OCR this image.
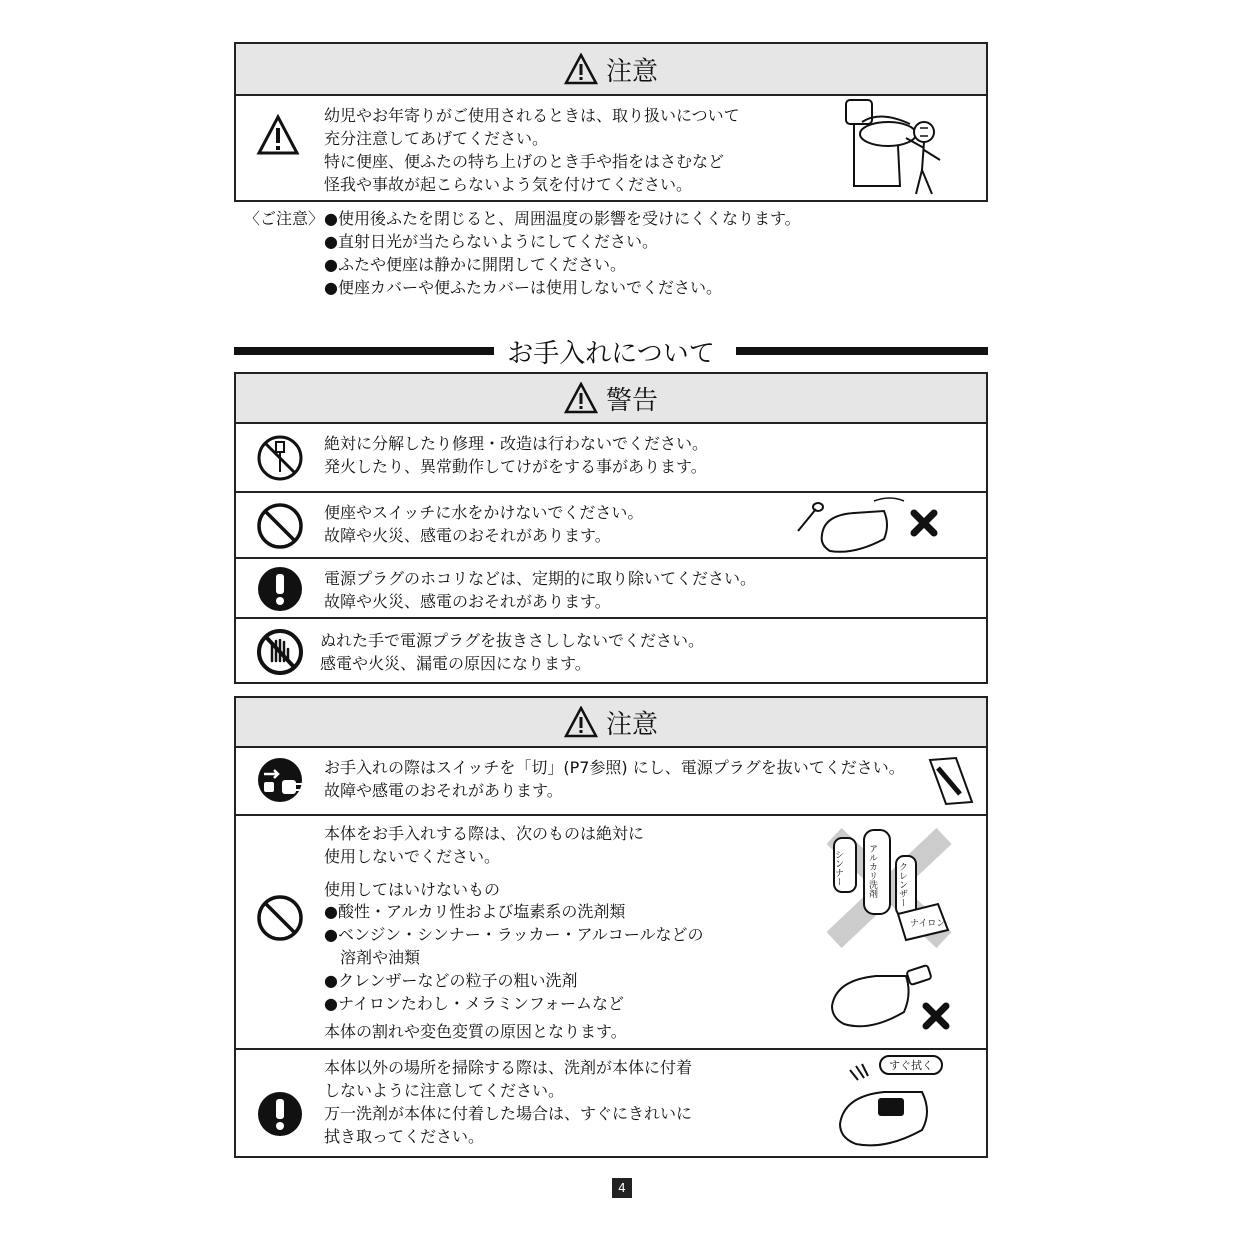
注意
幼児やお年寄りがご使用されるときは、取り扱いについて
充分注意してあげてください。
特に便座、便ふたの特ち上げのとき手や指をはさむなど
怪我や事故が起こらないよう気を付けてください。
〈ご注意〉 ●使用後ふたを閉じると、周囲温度の影響を受けにくくなります。
●直射日光が当たらないようにしてください。
●ふたや便座は静かに開閉してください。
●便座カバーや便ふたカバーは使用しないでください。
お手入れについて
警告
絶対に分解したり修理・改造は行わないでください。
発火したり、異常動作してけがをする事があります。
便座やスイッチに水をかけないでください。
故障や火災、感電のおそれがあります。
電源プラグのホコリなどは、定期的に取り除いてください。
故障や火災、感電のおそれがあります。
ぬれた手で電源プラグを抜きさししないでください。
感電や火災、漏電の原因になります。
注意
お手入れの際はスイッチを「切」(P7参照) にし、電源プラグを抜いてください。
故障や感電のおそれがあります。
本体をお手入れする際は、次のものは絶対に
使用しないでください。
使用してはいけないもの
●酸性・アルカリ性および塩素系の洗剤類
●ベンジン・シンナー・ラッカー・アルコールなどの
　溶剤や油類
●クレンザーなどの粒子の粗い洗剤
●ナイロンたわし・メラミンフォームなど
本体の割れや変色変質の原因となります。
シンナー	アルカリ洗剤 クレンザー
ナイロン
本体以外の場所を掃除する際は、洗剤が本体に付着
しないように注意してください。
万一洗剤が本体に付着した場合は、すぐにきれいに
拭き取ってください。
すぐ拭く
4
